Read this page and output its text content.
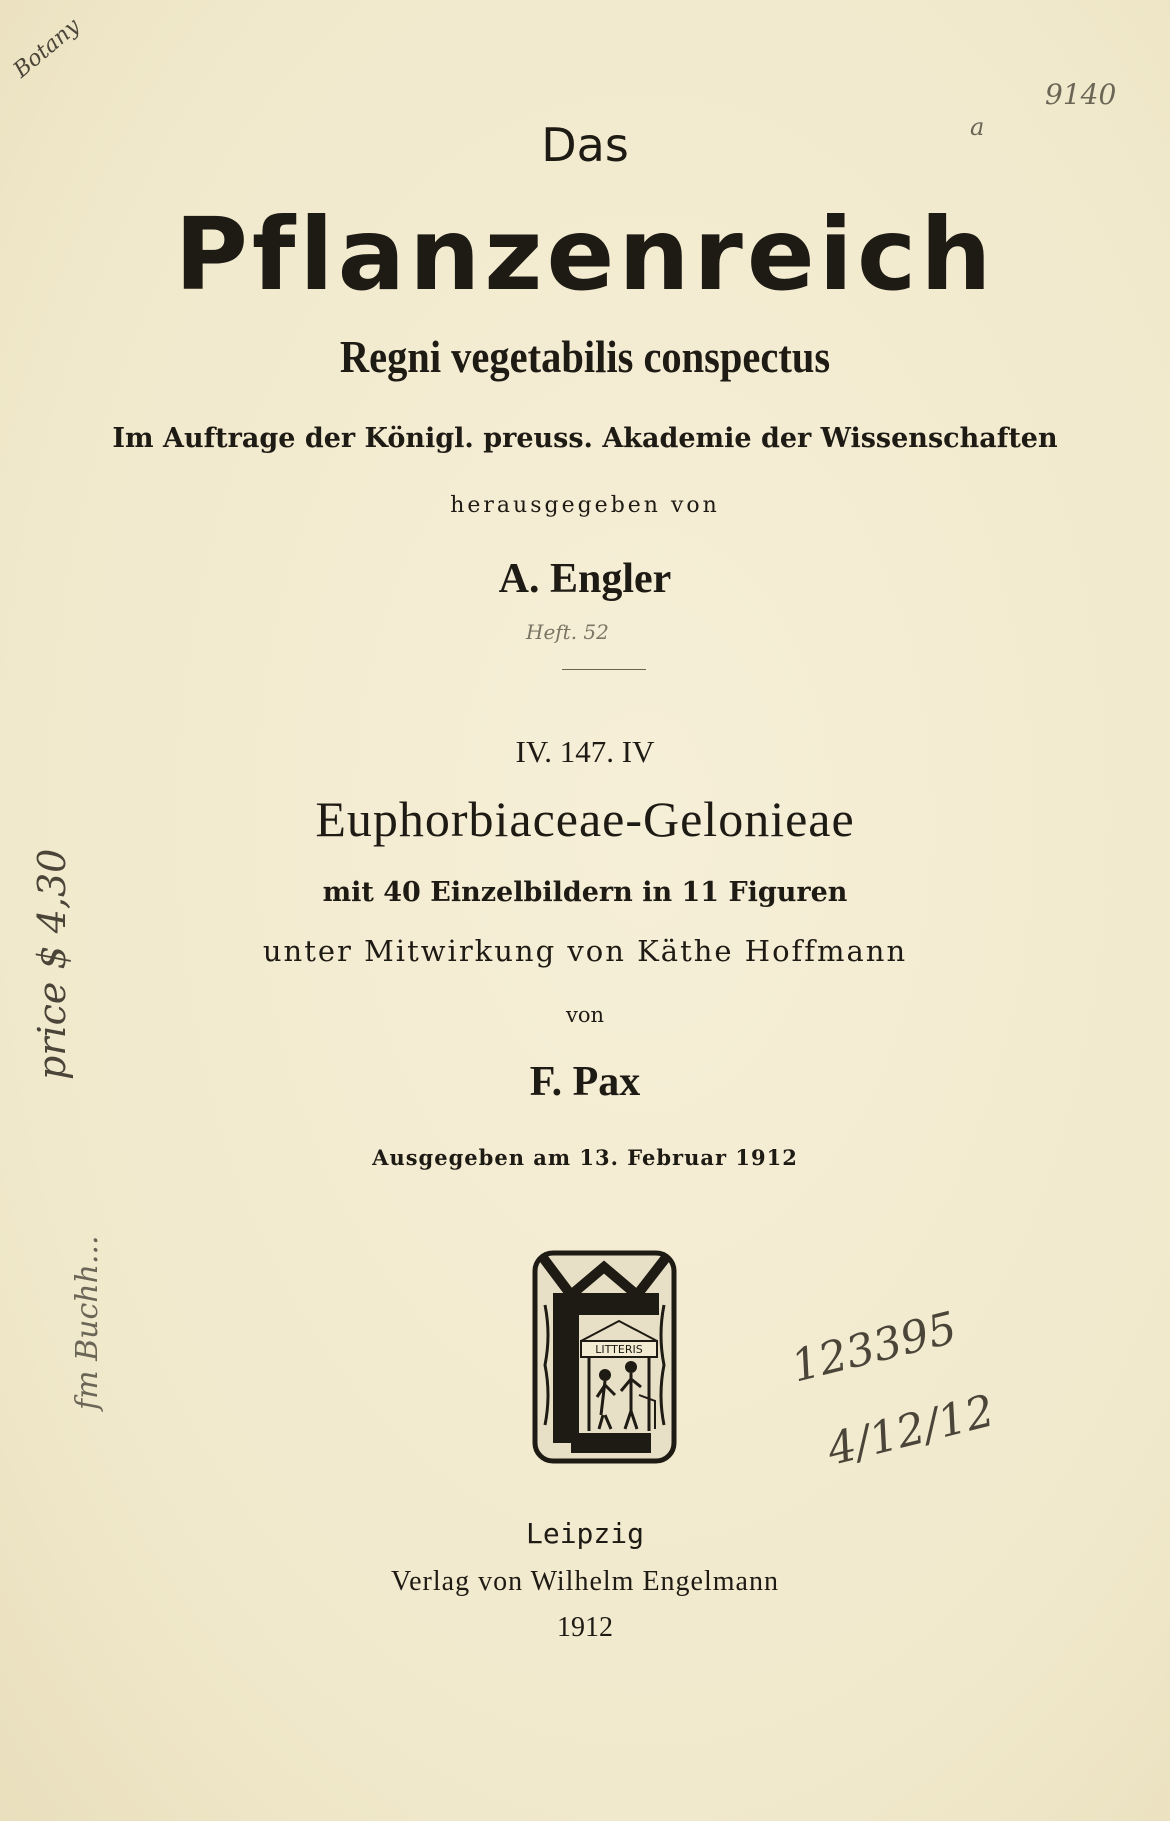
Das
Pflanzenreich
Regni vegetabilis conspectus
Im Auftrage der Königl. preuss. Akademie der Wissenschaften
herausgegeben von
A. Engler
IV. 147. IV
Euphorbiaceae-Gelonieae
mit 40 Einzelbildern in 11 Figuren
unter Mitwirkung von Käthe Hoffmann
von
F. Pax
Ausgegeben am 13. Februar 1912
LITTERIS
Leipzig
Verlag von Wilhelm Engelmann
1912
Botany
9140
a
Heft. 52
price $ 4,30
fm Buchh...	123395
4/12/12
